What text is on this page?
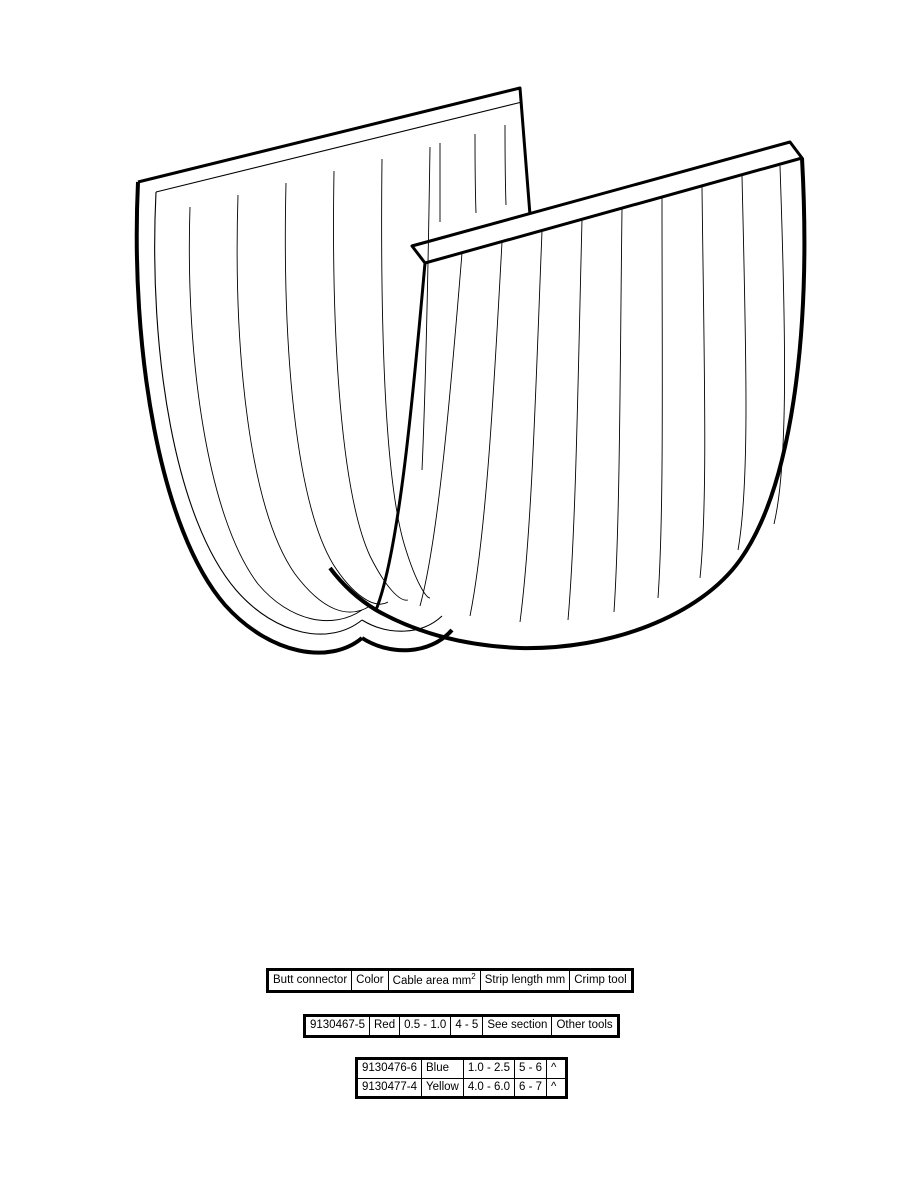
Butt connector	Color	Cable area $mm^2$	Strip length mm	Crimp tool
9130467-5	Red	0.5 - 1.0	4 - 5	See section	Other tools
9130476-6	Blue	1.0 - 2.5	5 - 6	^
9130477-4	Yellow	4.0 - 6.0	6 - 7	^
